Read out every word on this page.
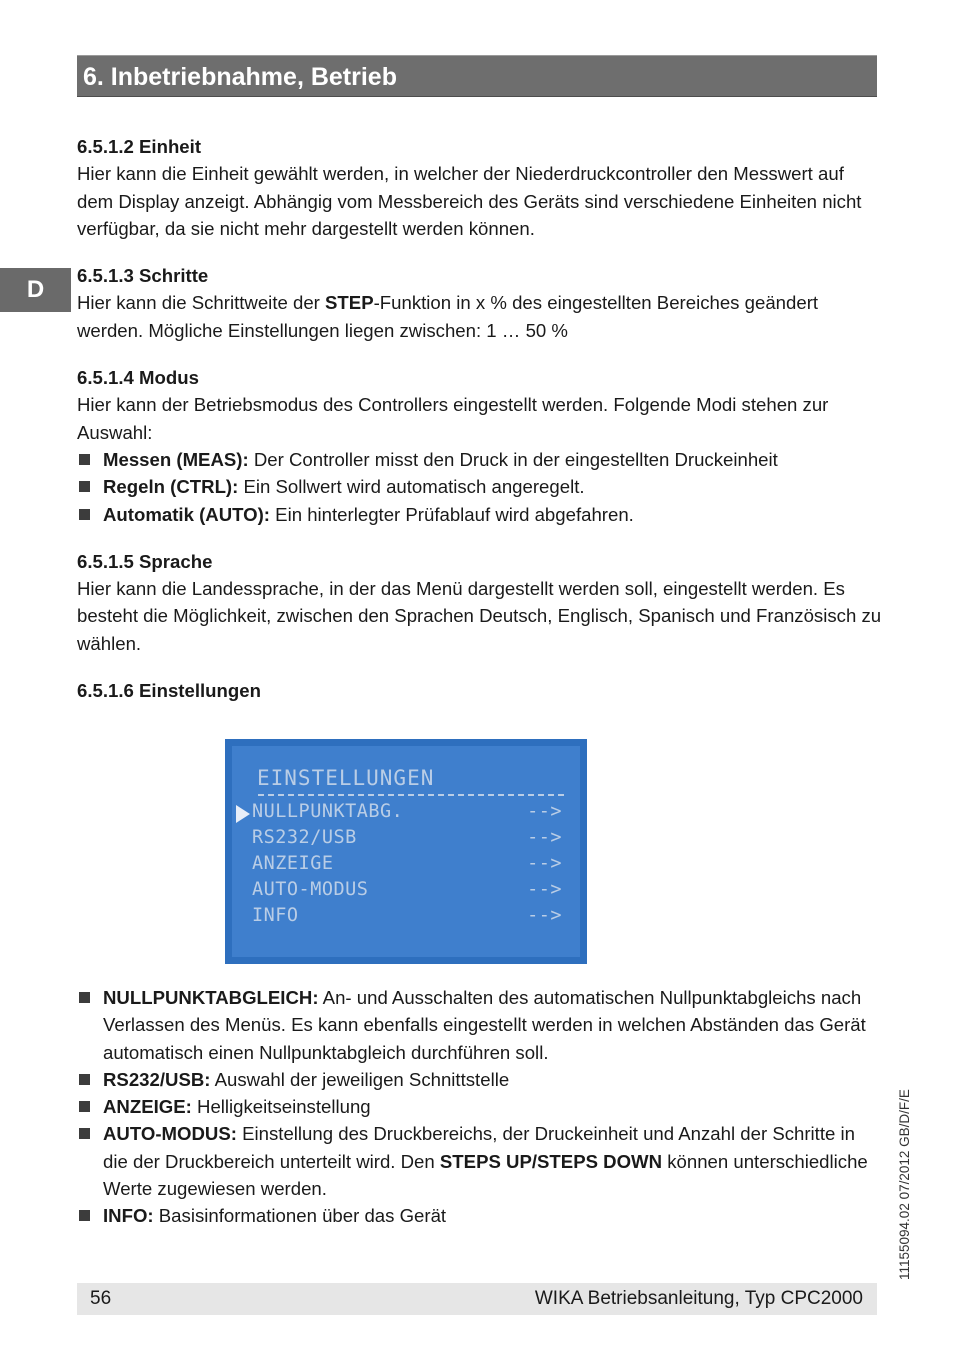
6. Inbetriebnahme, Betrieb
D
6.5.1.2 Einheit

Hier kann die Einheit gewählt werden, in welcher der Niederdruckcontroller den Messwert auf dem Display anzeigt. Abhängig vom Messbereich des Geräts sind verschiedene Einheiten nicht verfügbar, da sie nicht mehr dargestellt werden können.

6.5.1.3 Schritte

Hier kann die Schrittweite der STEP-Funktion in x % des eingestellten Bereiches geändert werden. Mögliche Einstellungen liegen zwischen: 1 … 50 %

6.5.1.4 Modus

Hier kann der Betriebsmodus des Controllers eingestellt werden. Folgende Modi stehen zur Auswahl:

Messen (MEAS): Der Controller misst den Druck in der eingestellten Druckeinheit
Regeln (CTRL): Ein Sollwert wird automatisch angeregelt.
Automatik (AUTO): Ein hinterlegter Prüfablauf wird abgefahren.
6.5.1.5 Sprache

Hier kann die Landessprache, in der das Menü dargestellt werden soll, eingestellt werden. Es besteht die Möglichkeit, zwischen den Sprachen Deutsch, Englisch, Spanisch und Französisch zu wählen.

6.5.1.6 Einstellungen
EINSTELLUNGEN
NULLPUNKTABG.	-->
RS232/USB	-->
ANZEIGE	-->
AUTO-MODUS	-->
INFO	-->
NULLPUNKTABGLEICH: An- und Ausschalten des automatischen Nullpunktabgleichs nach Verlassen des Menüs. Es kann ebenfalls eingestellt werden in welchen Abständen das Gerät automatisch einen Nullpunktabgleich durchführen soll.
RS232/USB: Auswahl der jeweiligen Schnittstelle
ANZEIGE: Helligkeitseinstellung
AUTO-MODUS: Einstellung des Druckbereichs, der Druckeinheit und Anzahl der Schritte in die der Druckbereich unterteilt wird. Den STEPS UP/STEPS DOWN können unterschiedliche Werte zugewiesen werden.
INFO: Basisinformationen über das Gerät	11155094.02 07/2012 GB/D/F/E
56	WIKA Betriebsanleitung, Typ CPC2000
